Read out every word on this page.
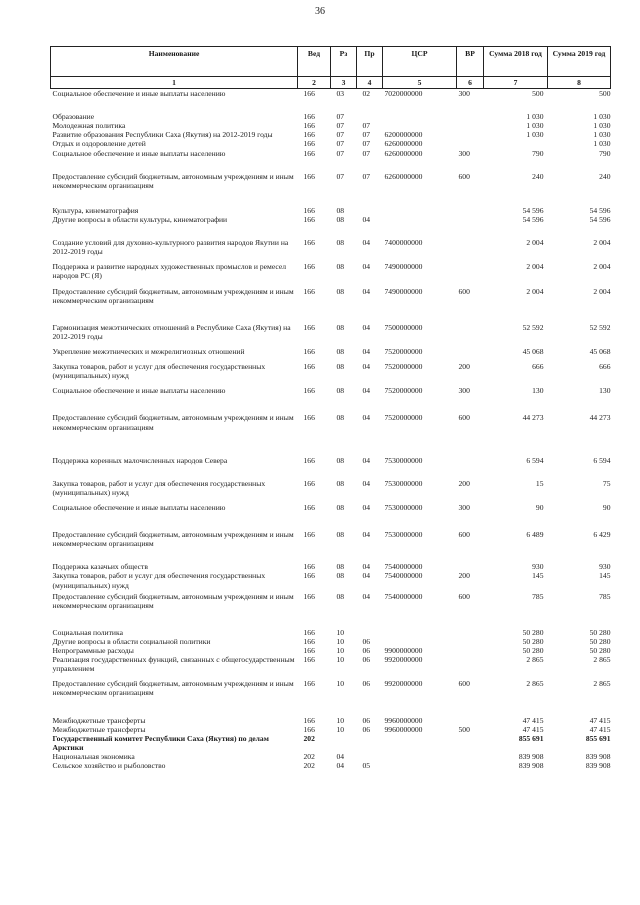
36
Наименование	Вед	Рз	Пр	ЦСР	ВР	Сумма 2018 год	Сумма 2019 год
1	2	3	4	5	6	7	8
Социальное обеспечение и иные выплаты населению	166	03	02	7020000000	300	500	500
Образование	166	07				1 030	1 030
Молодежная политика	166	07	07			1 030	1 030
Развитие образования Республики Саха (Якутия) на 2012-2019 годы	166	07	07	6200000000		1 030	1 030
Отдых и оздоровление детей	166	07	07	6260000000			1 030
Социальное обеспечение и иные выплаты населению	166	07	07	6260000000	300	790	790
Предоставление субсидий бюджетным, автономным учреждениям и иным некоммерческим организациям	166	07	07	6260000000	600	240	240
Культура, кинематография	166	08				54 596	54 596
Другие вопросы в области культуры, кинематографии	166	08	04			54 596	54 596
Создание условий для духовно-культурного развития народов Якутии на 2012-2019 годы	166	08	04	7400000000		2 004	2 004
Поддержка и развитие народных художественных промыслов и ремесел народов РС (Я)	166	08	04	7490000000		2 004	2 004
Предоставление субсидий бюджетным, автономным учреждениям и иным некоммерческим организациям	166	08	04	7490000000	600	2 004	2 004
Гармонизация межэтнических отношений в Республике Саха (Якутия) на 2012-2019 годы	166	08	04	7500000000		52 592	52 592
Укрепление межэтнических и межрелигиозных отношений	166	08	04	7520000000		45 068	45 068
Закупка товаров, работ и услуг для обеспечения государственных (муниципальных) нужд	166	08	04	7520000000	200	666	666
Социальное обеспечение и иные выплаты населению	166	08	04	7520000000	300	130	130
Предоставление субсидий бюджетным, автономным учреждениям и иным некоммерческим организациям	166	08	04	7520000000	600	44 273	44 273
Поддержка коренных малочисленных народов Севера	166	08	04	7530000000		6 594	6 594
Закупка товаров, работ и услуг для обеспечения государственных (муниципальных) нужд	166	08	04	7530000000	200	15	75
Социальное обеспечение и иные выплаты населению	166	08	04	7530000000	300	90	90
Предоставление субсидий бюджетным, автономным учреждениям и иным некоммерческим организациям	166	08	04	7530000000	600	6 489	6 429
Поддержка казачьих обществ	166	08	04	7540000000		930	930
Закупка товаров, работ и услуг для обеспечения государственных (муниципальных) нужд	166	08	04	7540000000	200	145	145
Предоставление субсидий бюджетным, автономным учреждениям и иным некоммерческим организациям	166	08	04	7540000000	600	785	785
Социальная политика	166	10				50 280	50 280
Другие вопросы в области социальной политики	166	10	06			50 280	50 280
Непрограммные расходы	166	10	06	9900000000		50 280	50 280
Реализация государственных функций, связанных с общегосударственным управлением	166	10	06	9920000000		2 865	2 865
Предоставление субсидий бюджетным, автономным учреждениям и иным некоммерческим организациям	166	10	06	9920000000	600	2 865	2 865
Межбюджетные трансферты	166	10	06	9960000000		47 415	47 415
Межбюджетные трансферты	166	10	06	9960000000	500	47 415	47 415
Государственный комитет Республики Саха (Якутия) по делам Арктики	202					855 691	855 691
Национальная экономика	202	04				839 908	839 908
Сельское хозяйство и рыболовство	202	04	05			839 908	839 908
